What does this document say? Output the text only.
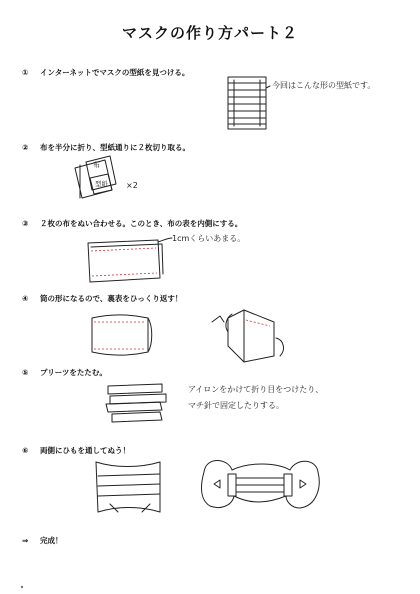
マスクの作り方パート２
① インターネットでマスクの型紙を見つける。
② 布を半分に折り、型紙通りに２枚切り取る。
③ ２枚の布をぬい合わせる。このとき、布の表を内側にする。
④ 筒の形になるので、裏表をひっくり返す！
⑤ プリーツをたたむ。
⑥ 両側にひもを通してぬう！
⇒ 完成！
今回はこんな形の型紙です。
1cmくらいあまる。
アイロンをかけて折り目をつけたり、
マチ針で固定したりする。
布
型紙 ×2
